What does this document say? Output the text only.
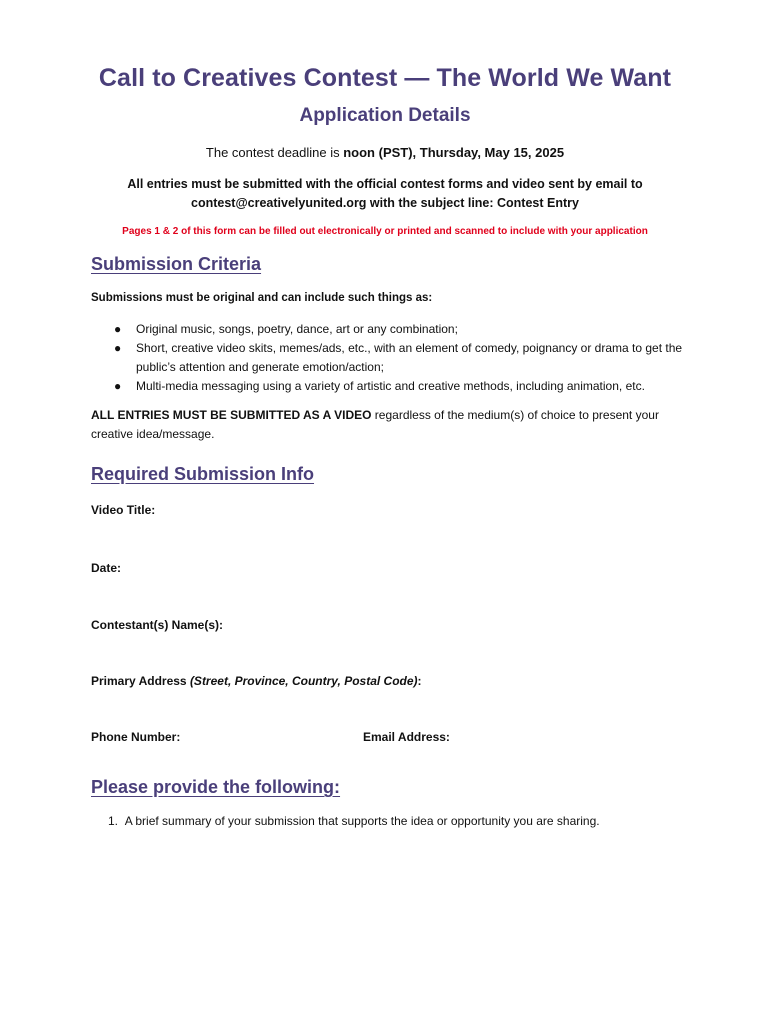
Call to Creatives Contest — The World We Want
Application Details
The contest deadline is noon (PST), Thursday, May 15, 2025
All entries must be submitted with the official contest forms and video sent by email to
contest@creativelyunited.org with the subject line: Contest Entry
Pages 1 & 2 of this form can be filled out electronically or printed and scanned to include with your application
Submission Criteria
Submissions must be original and can include such things as:
● Original music, songs, poetry, dance, art or any combination;
● Short, creative video skits, memes/ads, etc., with an element of comedy, poignancy or drama to get the public’s attention and generate emotion/action;
● Multi-media messaging using a variety of artistic and creative methods, including animation, etc.
ALL ENTRIES MUST BE SUBMITTED AS A VIDEO regardless of the medium(s) of choice to present your creative idea/message.
Required Submission Info
Video Title:
Date:
Contestant(s) Name(s):
Primary Address (Street, Province, Country, Postal Code):
Phone Number:	Email Address:
Please provide the following:
1. A brief summary of your submission that supports the idea or opportunity you are sharing.
